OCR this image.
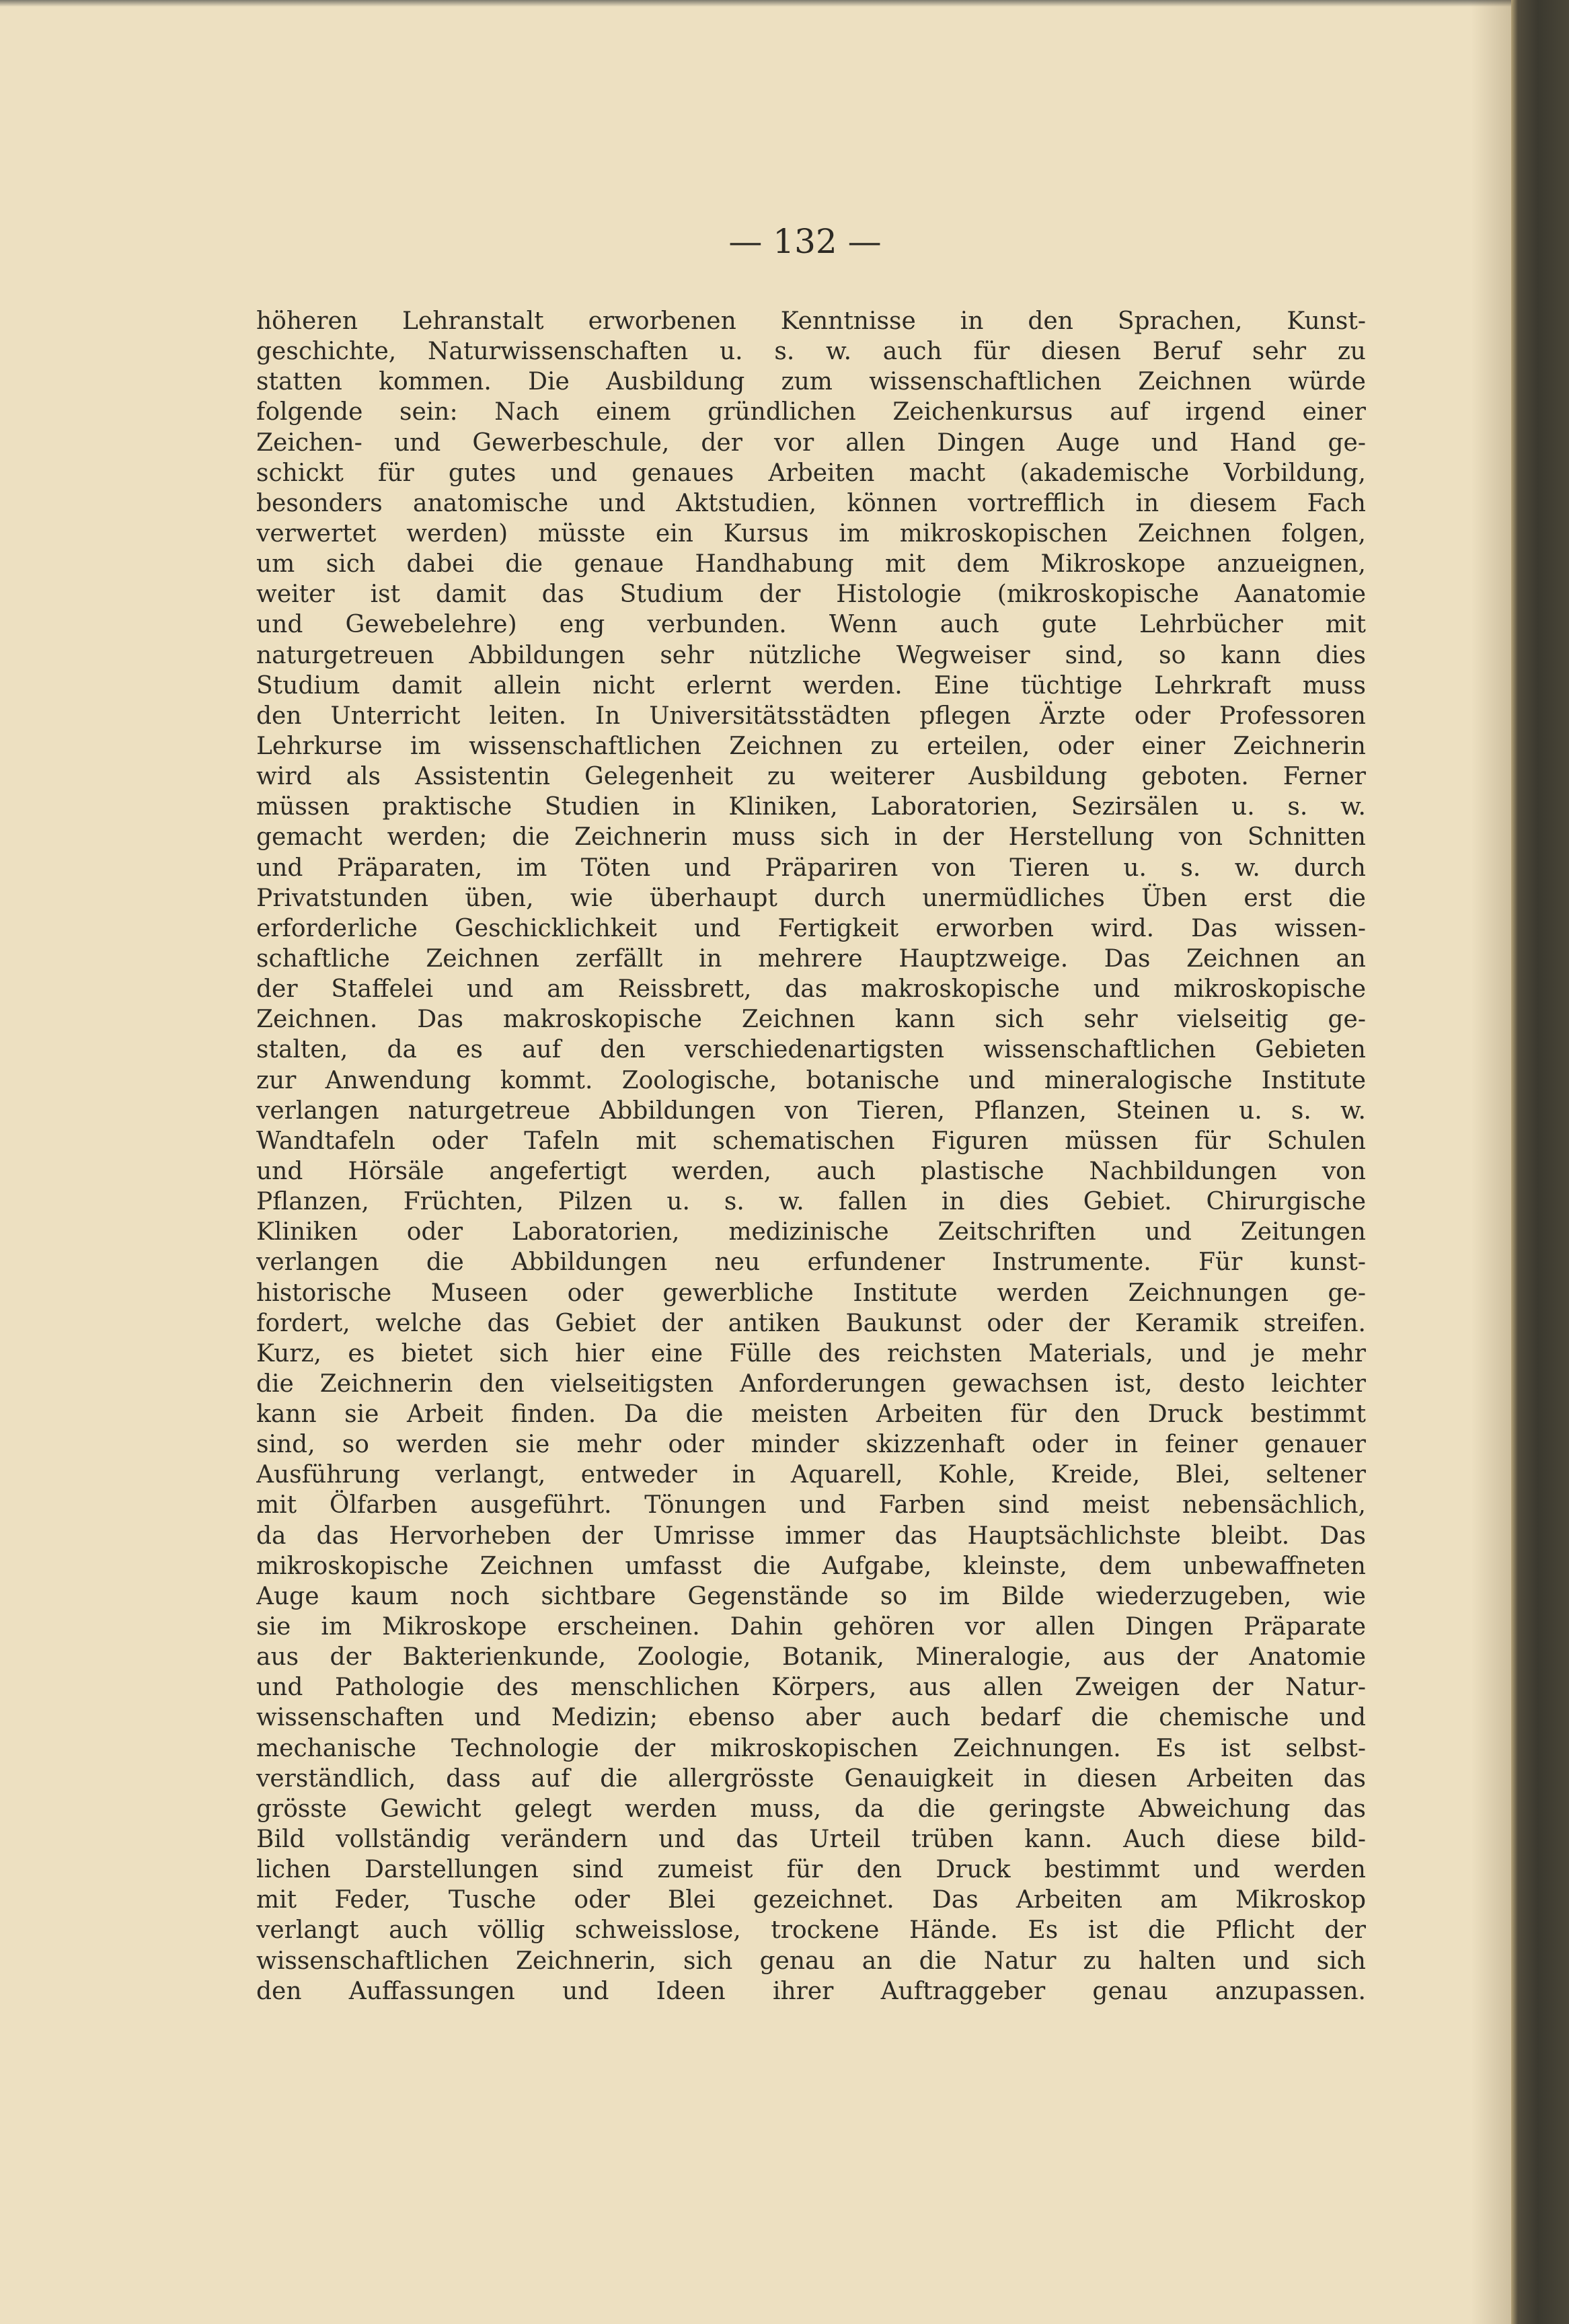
— 132 —

höheren Lehranstalt erworbenen Kenntnisse in den Sprachen, Kunst-
geschichte, Naturwissenschaften u. s. w. auch für diesen Beruf sehr zu
statten kommen. Die Ausbildung zum wissenschaftlichen Zeichnen würde
folgende sein: Nach einem gründlichen Zeichenkursus auf irgend einer
Zeichen- und Gewerbeschule, der vor allen Dingen Auge und Hand ge-
schickt für gutes und genaues Arbeiten macht (akademische Vorbildung,
besonders anatomische und Aktstudien, können vortrefflich in diesem Fach
verwertet werden) müsste ein Kursus im mikroskopischen Zeichnen folgen,
um sich dabei die genaue Handhabung mit dem Mikroskope anzueignen,
weiter ist damit das Studium der Histologie (mikroskopische Aanatomie
und Gewebelehre) eng verbunden. Wenn auch gute Lehrbücher mit
naturgetreuen Abbildungen sehr nützliche Wegweiser sind, so kann dies
Studium damit allein nicht erlernt werden. Eine tüchtige Lehrkraft muss
den Unterricht leiten. In Universitätsstädten pflegen Ärzte oder Professoren
Lehrkurse im wissenschaftlichen Zeichnen zu erteilen, oder einer Zeichnerin
wird als Assistentin Gelegenheit zu weiterer Ausbildung geboten. Ferner
müssen praktische Studien in Kliniken, Laboratorien, Sezirsälen u. s. w.
gemacht werden; die Zeichnerin muss sich in der Herstellung von Schnitten
und Präparaten, im Töten und Präpariren von Tieren u. s. w. durch
Privatstunden üben, wie überhaupt durch unermüdliches Üben erst die
erforderliche Geschicklichkeit und Fertigkeit erworben wird. Das wissen-
schaftliche Zeichnen zerfällt in mehrere Hauptzweige. Das Zeichnen an
der Staffelei und am Reissbrett, das makroskopische und mikroskopische
Zeichnen. Das makroskopische Zeichnen kann sich sehr vielseitig ge-
stalten, da es auf den verschiedenartigsten wissenschaftlichen Gebieten
zur Anwendung kommt. Zoologische, botanische und mineralogische Institute
verlangen naturgetreue Abbildungen von Tieren, Pflanzen, Steinen u. s. w.
Wandtafeln oder Tafeln mit schematischen Figuren müssen für Schulen
und Hörsäle angefertigt werden, auch plastische Nachbildungen von
Pflanzen, Früchten, Pilzen u. s. w. fallen in dies Gebiet. Chirurgische
Kliniken oder Laboratorien, medizinische Zeitschriften und Zeitungen
verlangen die Abbildungen neu erfundener Instrumente. Für kunst-
historische Museen oder gewerbliche Institute werden Zeichnungen ge-
fordert, welche das Gebiet der antiken Baukunst oder der Keramik streifen.
Kurz, es bietet sich hier eine Fülle des reichsten Materials, und je mehr
die Zeichnerin den vielseitigsten Anforderungen gewachsen ist, desto leichter
kann sie Arbeit finden. Da die meisten Arbeiten für den Druck bestimmt
sind, so werden sie mehr oder minder skizzenhaft oder in feiner genauer
Ausführung verlangt, entweder in Aquarell, Kohle, Kreide, Blei, seltener
mit Ölfarben ausgeführt. Tönungen und Farben sind meist nebensächlich,
da das Hervorheben der Umrisse immer das Hauptsächlichste bleibt. Das
mikroskopische Zeichnen umfasst die Aufgabe, kleinste, dem unbewaffneten
Auge kaum noch sichtbare Gegenstände so im Bilde wiederzugeben, wie
sie im Mikroskope erscheinen. Dahin gehören vor allen Dingen Präparate
aus der Bakterienkunde, Zoologie, Botanik, Mineralogie, aus der Anatomie
und Pathologie des menschlichen Körpers, aus allen Zweigen der Natur-
wissenschaften und Medizin; ebenso aber auch bedarf die chemische und
mechanische Technologie der mikroskopischen Zeichnungen. Es ist selbst-
verständlich, dass auf die allergrösste Genauigkeit in diesen Arbeiten das
grösste Gewicht gelegt werden muss, da die geringste Abweichung das
Bild vollständig verändern und das Urteil trüben kann. Auch diese bild-
lichen Darstellungen sind zumeist für den Druck bestimmt und werden
mit Feder, Tusche oder Blei gezeichnet. Das Arbeiten am Mikroskop
verlangt auch völlig schweisslose, trockene Hände. Es ist die Pflicht der
wissenschaftlichen Zeichnerin, sich genau an die Natur zu halten und sich
den Auffassungen und Ideen ihrer Auftraggeber genau anzupassen.
